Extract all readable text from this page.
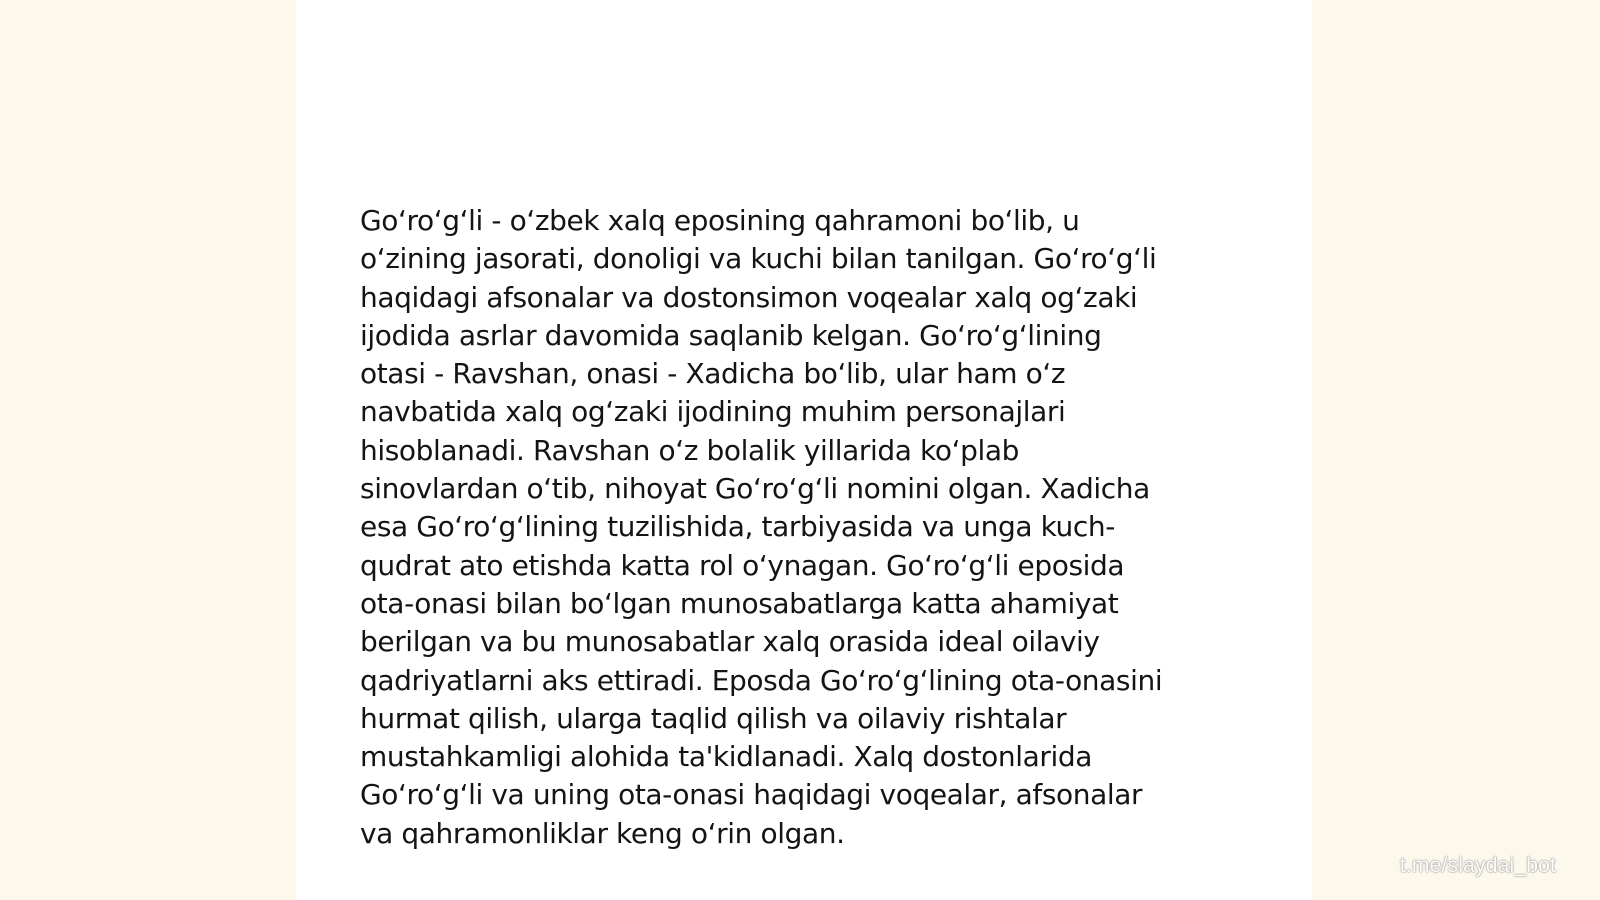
Go‘ro‘g‘li - o‘zbek xalq eposining qahramoni bo‘lib, u
o‘zining jasorati, donoligi va kuchi bilan tanilgan. Go‘ro‘g‘li
haqidagi afsonalar va dostonsimon voqealar xalq og‘zaki
ijodida asrlar davomida saqlanib kelgan. Go‘ro‘g‘lining
otasi - Ravshan, onasi - Xadicha bo‘lib, ular ham o‘z
navbatida xalq og‘zaki ijodining muhim personajlari
hisoblanadi. Ravshan o‘z bolalik yillarida ko‘plab
sinovlardan o‘tib, nihoyat Go‘ro‘g‘li nomini olgan. Xadicha
esa Go‘ro‘g‘lining tuzilishida, tarbiyasida va unga kuch-
qudrat ato etishda katta rol o‘ynagan. Go‘ro‘g‘li eposida
ota-onasi bilan bo‘lgan munosabatlarga katta ahamiyat
berilgan va bu munosabatlar xalq orasida ideal oilaviy
qadriyatlarni aks ettiradi. Eposda Go‘ro‘g‘lining ota-onasini
hurmat qilish, ularga taqlid qilish va oilaviy rishtalar
mustahkamligi alohida ta'kidlanadi. Xalq dostonlarida
Go‘ro‘g‘li va uning ota-onasi haqidagi voqealar, afsonalar
va qahramonliklar keng o‘rin olgan.

t.me/slaydai_bot
